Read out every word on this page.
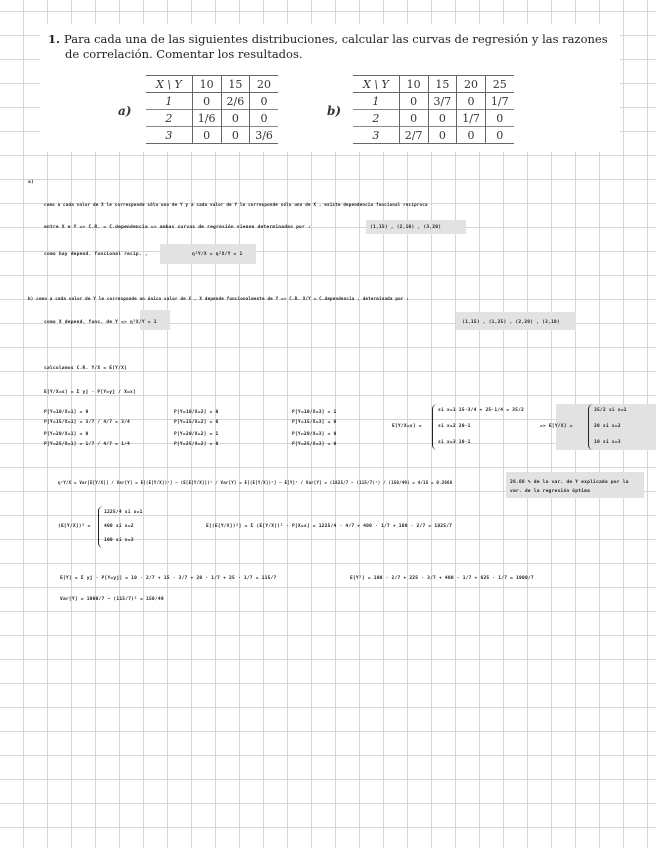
1. Para cada una de las siguientes distribuciones, calcular las curvas de regresión y las razones
de correlación. Comentar los resultados.
a)
X \ Y	10	15	20
1	0	2/6	0
2	1/6	0	0
3	0	0	3/6
b)
X \ Y	10	15	20	25
1	0	3/7	0	1/7
2	0	0	1/7	0
3	2/7	0	0	0
a)
como a cada valor de X le corresponde sólo uno de Y y a cada valor de Y le corresponde sólo uno de X , existe dependencia funcional recíproca
entre X e Y => C.R. = C.dependencia => ambas curvas de regresión vienen determinadas por :	(1,15) , (2,10) , (3,20)
como hay depend. funcional recíp. ,	η²Y/X = η²X/Y = 1
b) como a cada valor de Y le corresponde un único valor de X , X depende funcionalmente de Y => C.R. X/Y = C.dependencia , determinada por :
como X depend. func. de Y => η²X/Y = 1	(1,15) , (1,25) , (2,20) , (3,10)
calculamos C.R. Y/X = E[Y/X]
E[Y/X=x] = Σ yj · P[Y=yj / X=x]
P[Y=10/X=1] = 0
P[Y=15/X=1] = 3/7 / 4/7 = 3/4
P[Y=20/X=1] = 0
P[Y=25/X=1] = 1/7 / 4/7 = 1/4
P[Y=10/X=2] = 0
P[Y=15/X=2] = 0
P[Y=20/X=2] = 1
P[Y=25/X=2] = 0
P[Y=10/X=3] = 1
P[Y=15/X=3] = 0
P[Y=20/X=3] = 0
P[Y=25/X=3] = 0
E[Y/X=x] =
si x=1 15·3/4 + 25·1/4 = 35/2
si x=2 20·1
si x=3 10·1
=> E[Y/X] =
35/2 si x=1
20 si x=2
10 si x=3
η²Y/X = Var[E[Y/X]] / Var[Y] = E[(E[Y/X])²] − (E[E[Y/X]])² / Var[Y] = E[(E[Y/X])²] − E[Y]² / Var[Y] = (1825/7 − (115/7)²) / (150/49) = 4/15 = 0.2666	26.66 % de la var. de Y explicada por la var. de la regresión óptima
(E[Y/X])² =
1225/4 si x=1
400 si x=2
100 si x=3
E[(E[Y/X])²] = Σ (E[Y/X])² · P[X=x] = 1225/4 · 4/7 + 400 · 1/7 + 100 · 2/7 = 1825/7
E[Y] = Σ yj · P[Y=yj] = 10 · 2/7 + 15 · 3/7 + 20 · 1/7 + 25 · 1/7 = 115/7	E[Y²] = 100 · 2/7 + 225 · 3/7 + 400 · 1/7 + 625 · 1/7 = 1900/7
Var[Y] = 1900/7 − (115/7)² = 150/49
